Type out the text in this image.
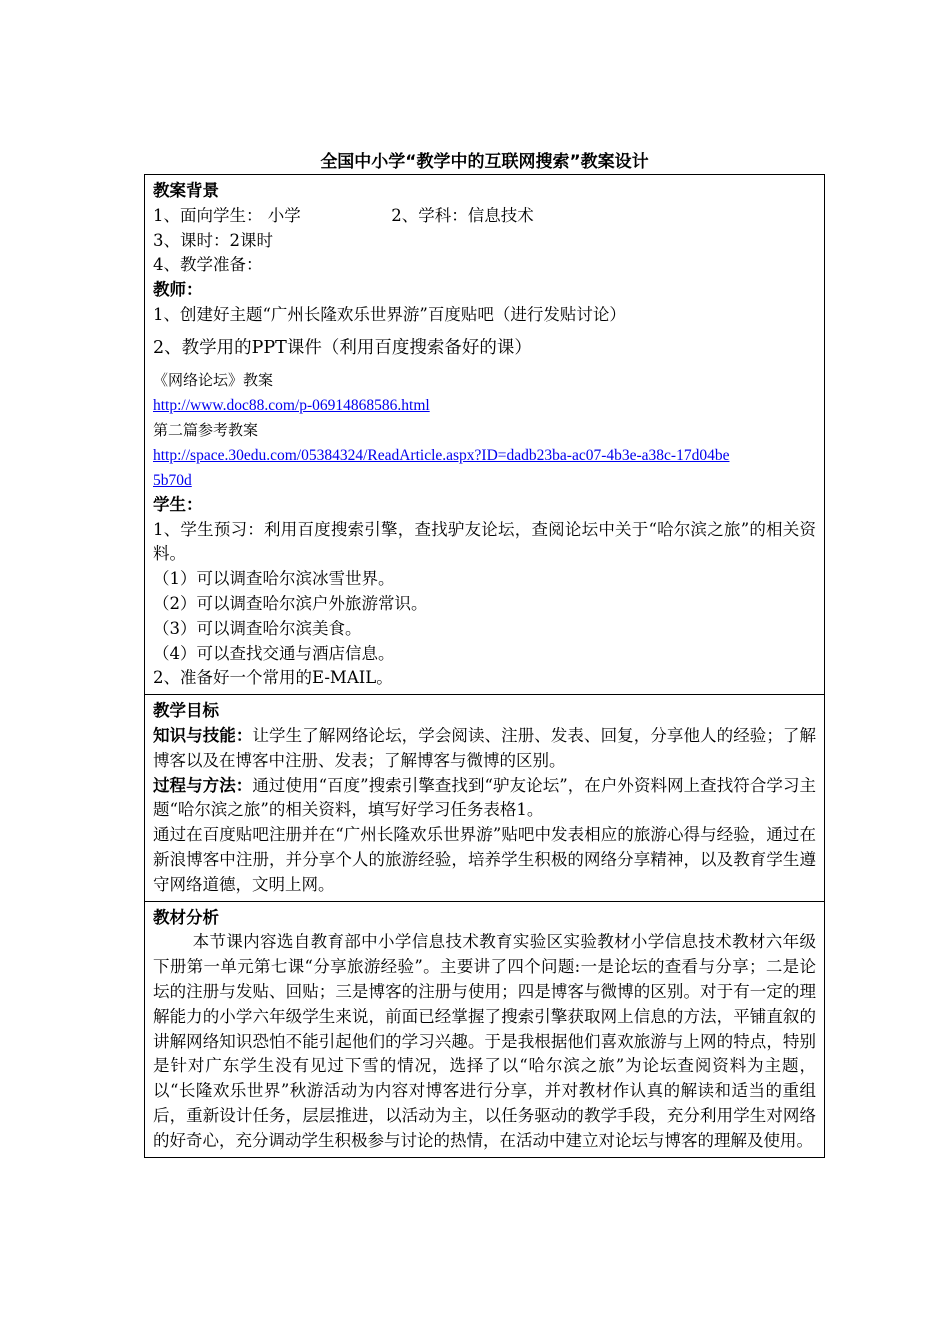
全国中小学“教学中的互联网搜索”教案设计
教案背景
1、面向学生： 小学	2、学科：信息技术
3、课时：2课时
4、教学准备：
教师：
1、创建好主题“广州长隆欢乐世界游”百度贴吧（进行发贴讨论）
2、教学用的PPT课件（利用百度搜索备好的课）
《网络论坛》教案
http://www.doc88.com/p-06914868586.html
第二篇参考教案
http://space.30edu.com/05384324/ReadArticle.aspx?ID=dadb23ba-ac07-4b3e-a38c-17d04be5b70d
学生：
1、学生预习：利用百度搜索引擎，查找驴友论坛，查阅论坛中关于“哈尔滨之旅”的相关资料。
（1）可以调查哈尔滨冰雪世界。
（2）可以调查哈尔滨户外旅游常识。
（3）可以调查哈尔滨美食。
（4）可以查找交通与酒店信息。
2、准备好一个常用的E-MAIL。

教学目标
知识与技能：让学生了解网络论坛，学会阅读、注册、发表、回复，分享他人的经验；了解博客以及在博客中注册、发表；了解博客与微博的区别。
过程与方法：通过使用“百度”搜索引擎查找到“驴友论坛”，在户外资料网上查找符合学习主题“哈尔滨之旅”的相关资料，填写好学习任务表格1。
通过在百度贴吧注册并在“广州长隆欢乐世界游”贴吧中发表相应的旅游心得与经验，通过在新浪博客中注册，并分享个人的旅游经验，培养学生积极的网络分享精神，以及教育学生遵守网络道德，文明上网。

教材分析
本节课内容选自教育部中小学信息技术教育实验区实验教材小学信息技术教材六年级下册第一单元第七课“分享旅游经验”。主要讲了四个问题:一是论坛的查看与分享；二是论坛的注册与发贴、回贴；三是博客的注册与使用；四是博客与微博的区别。对于有一定的理解能力的小学六年级学生来说，前面已经掌握了搜索引擎获取网上信息的方法，平铺直叙的讲解网络知识恐怕不能引起他们的学习兴趣。于是我根据他们喜欢旅游与上网的特点，特别是针对广东学生没有见过下雪的情况，选择了以“哈尔滨之旅”为论坛查阅资料为主题，以“长隆欢乐世界”秋游活动为内容对博客进行分享，并对教材作认真的解读和适当的重组后，重新设计任务，层层推进，以活动为主，以任务驱动的教学手段，充分利用学生对网络的好奇心，充分调动学生积极参与讨论的热情，在活动中建立对论坛与博客的理解及使用。
